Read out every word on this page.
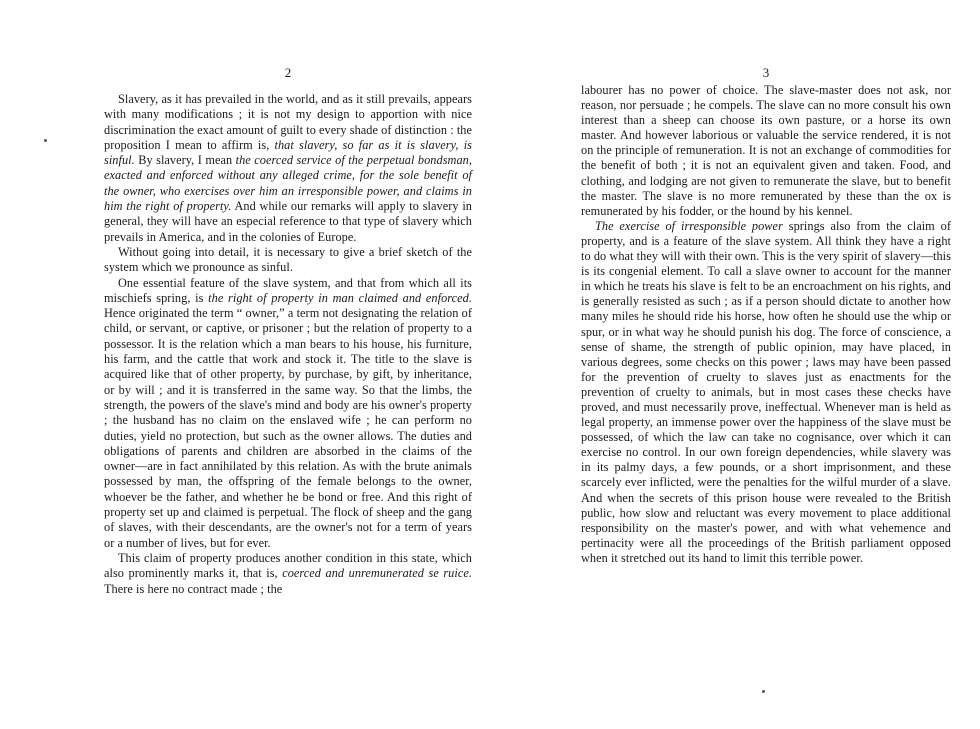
2

Slavery, as it has prevailed in the world, and as it still prevails, appears with many modifications ; it is not my design to apportion with nice discrimination the exact amount of guilt to every shade of distinction : the proposition I mean to affirm is, that slavery, so far as it is slavery, is sinful. By slavery, I mean the coerced service of the perpetual bondsman, exacted and enforced without any alleged crime, for the sole benefit of the owner, who exercises over him an irresponsible power, and claims in him the right of property. And while our remarks will apply to slavery in general, they will have an especial reference to that type of slavery which prevails in America, and in the colonies of Europe.

Without going into detail, it is necessary to give a brief sketch of the system which we pronounce as sinful.

One essential feature of the slave system, and that from which all its mischiefs spring, is the right of property in man claimed and enforced. Hence originated the term “ owner,” a term not designating the relation of child, or servant, or captive, or prisoner ; but the relation of property to a possessor. It is the relation which a man bears to his house, his furniture, his farm, and the cattle that work and stock it. The title to the slave is acquired like that of other property, by purchase, by gift, by inheritance, or by will ; and it is transferred in the same way. So that the limbs, the strength, the powers of the slave's mind and body are his owner's property ; the husband has no claim on the enslaved wife ; he can perform no duties, yield no protection, but such as the owner allows. The duties and obligations of parents and children are absorbed in the claims of the owner—are in fact annihilated by this relation. As with the brute animals possessed by man, the offspring of the female belongs to the owner, whoever be the father, and whether he be bond or free. And this right of property set up and claimed is perpetual. The flock of sheep and the gang of slaves, with their descendants, are the owner's not for a term of years or a number of lives, but for ever.

This claim of property produces another condition in this state, which also prominently marks it, that is, coerced and unremunerated se ruice. There is here no contract made ; the

3

labourer has no power of choice. The slave-master does not ask, nor reason, nor persuade ; he compels. The slave can no more consult his own interest than a sheep can choose its own pasture, or a horse its own master. And however laborious or valuable the service rendered, it is not on the principle of remuneration. It is not an exchange of commodities for the benefit of both ; it is not an equivalent given and taken. Food, and clothing, and lodging are not given to remunerate the slave, but to benefit the master. The slave is no more remunerated by these than the ox is remunerated by his fodder, or the hound by his kennel.

The exercise of irresponsible power springs also from the claim of property, and is a feature of the slave system. All think they have a right to do what they will with their own. This is the very spirit of slavery—this is its congenial element. To call a slave owner to account for the manner in which he treats his slave is felt to be an encroachment on his rights, and is generally resisted as such ; as if a person should dictate to another how many miles he should ride his horse, how often he should use the whip or spur, or in what way he should punish his dog. The force of conscience, a sense of shame, the strength of public opinion, may have placed, in various degrees, some checks on this power ; laws may have been passed for the prevention of cruelty to slaves just as enactments for the prevention of cruelty to animals, but in most cases these checks have proved, and must necessarily prove, ineffectual. Whenever man is held as legal property, an immense power over the happiness of the slave must be possessed, of which the law can take no cognisance, over which it can exercise no control. In our own foreign dependencies, while slavery was in its palmy days, a few pounds, or a short imprisonment, and these scarcely ever inflicted, were the penalties for the wilful murder of a slave. And when the secrets of this prison house were revealed to the British public, how slow and reluctant was every movement to place additional responsibility on the master's power, and with what vehemence and pertinacity were all the proceedings of the British parliament opposed when it stretched out its hand to limit this terrible power.
